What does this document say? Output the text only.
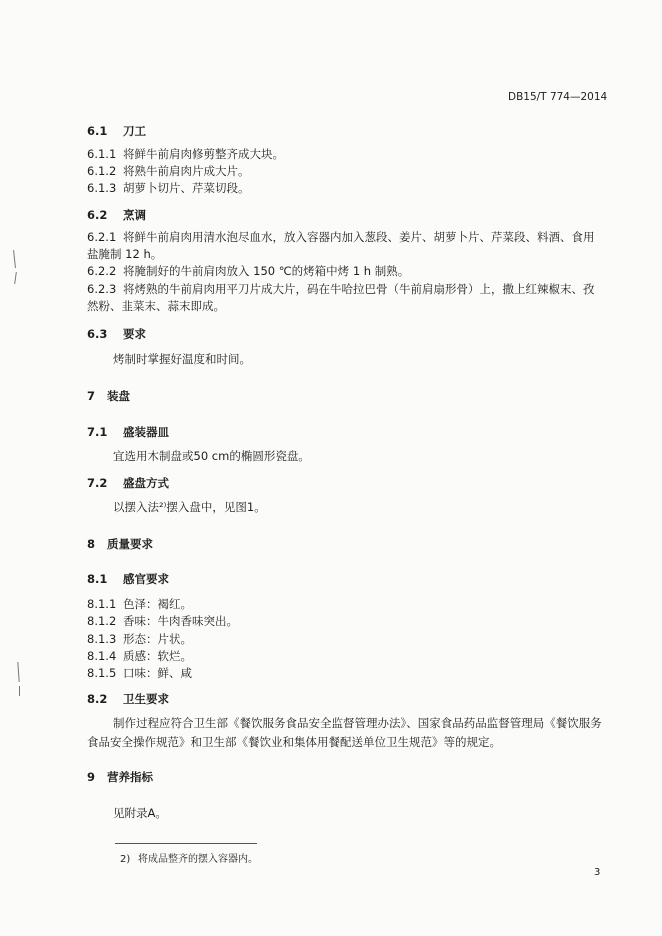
DB15/T 774—2014
6.1 刀工
6.1.1 将鲜牛前肩肉修剪整齐成大块。
6.1.2 将熟牛前肩肉片成大片。
6.1.3 胡萝卜切片、芹菜切段。
6.2 烹调
6.2.1 将鲜牛前肩肉用清水泡尽血水，放入容器内加入葱段、姜片、胡萝卜片、芹菜段、料酒、食用
盐腌制 12 h。
6.2.2 将腌制好的牛前肩肉放入 150 ℃的烤箱中烤 1 h 制熟。
6.2.3 将烤熟的牛前肩肉用平刀片成大片，码在牛哈拉巴骨（牛前肩扇形骨）上，撒上红辣椒末、孜
然粉、韭菜末、蒜末即成。
6.3 要求
烤制时掌握好温度和时间。
7 装盘
7.1 盛装器皿
宜选用木制盘或50 cm的椭圆形瓷盘。
7.2 盛盘方式
以摆入法²⁾摆入盘中，见图1。
8 质量要求
8.1 感官要求
8.1.1 色泽：褐红。
8.1.2 香味：牛肉香味突出。
8.1.3 形态：片状。
8.1.4 质感：软烂。
8.1.5 口味：鲜、咸
8.2 卫生要求
制作过程应符合卫生部《餐饮服务食品安全监督管理办法》、国家食品药品监督管理局《餐饮服务
食品安全操作规范》和卫生部《餐饮业和集体用餐配送单位卫生规范》等的规定。
9 营养指标
见附录A。
2) 将成品整齐的摆入容器内。
3
